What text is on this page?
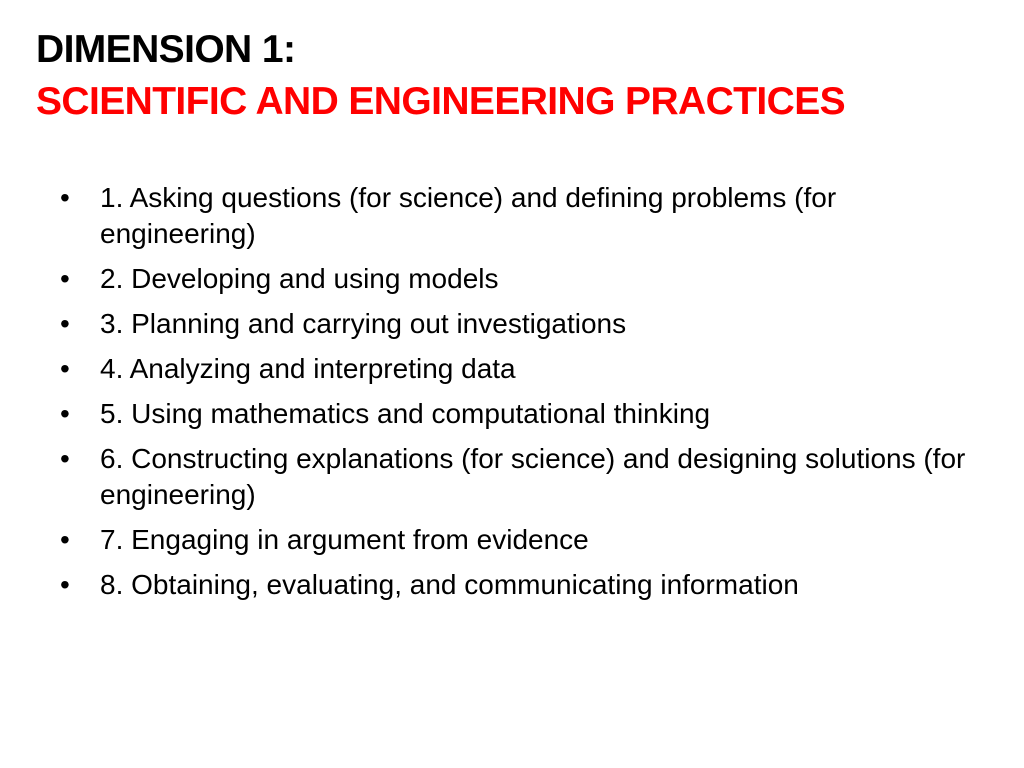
DIMENSION 1:
SCIENTIFIC AND ENGINEERING PRACTICES
• 1. Asking questions (for science) and defining problems (for engineering)
• 2. Developing and using models
• 3. Planning and carrying out investigations
• 4. Analyzing and interpreting data
• 5. Using mathematics and computational thinking
• 6. Constructing explanations (for science) and designing solutions (for engineering)
• 7. Engaging in argument from evidence
• 8. Obtaining, evaluating, and communicating information
